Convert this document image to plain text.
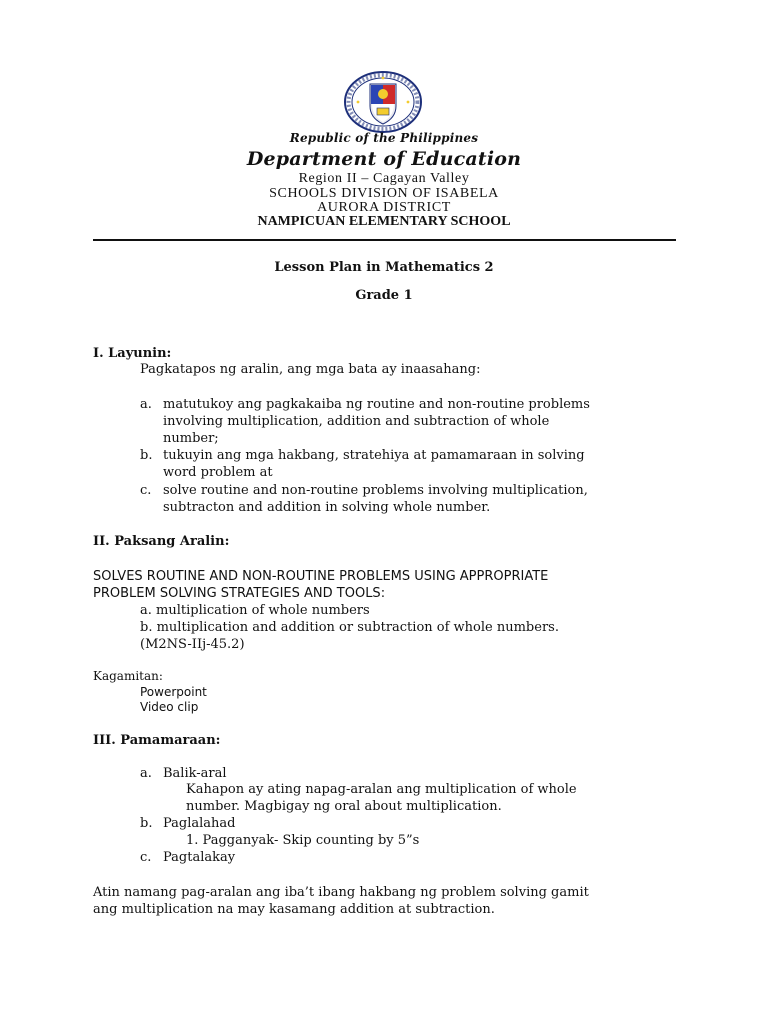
Republic of the Philippines
Department of Education
Region II – Cagayan Valley
SCHOOLS DIVISION OF ISABELA
AURORA DISTRICT
NAMPICUAN ELEMENTARY SCHOOL
Lesson Plan in Mathematics 2
Grade 1
I. Layunin:
Pagkatapos ng aralin, ang mga bata ay inaasahang:
a. matutukoy ang pagkakaiba ng routine and non-routine problems
involving multiplication, addition and subtraction of whole
number;
b. tukuyin ang mga hakbang, stratehiya at pamamaraan in solving
word problem at
c. solve routine and non-routine problems involving multiplication,
subtracton and addition in solving whole number.
II. Paksang Aralin:
SOLVES ROUTINE AND NON-ROUTINE PROBLEMS USING APPROPRIATE
PROBLEM SOLVING STRATEGIES AND TOOLS:
a. multiplication of whole numbers
b. multiplication and addition or subtraction of whole numbers.
(M2NS-IIj-45.2)
Kagamitan:
Powerpoint
Video clip
III. Pamamaraan:
a. Balik-aral
Kahapon ay ating napag-aralan ang multiplication of whole
number. Magbigay ng oral about multiplication.
b. Paglalahad
1. Pagganyak- Skip counting by 5”s
c. Pagtalakay
Atin namang pag-aralan ang iba’t ibang hakbang ng problem solving gamit
ang multiplication na may kasamang addition at subtraction.
